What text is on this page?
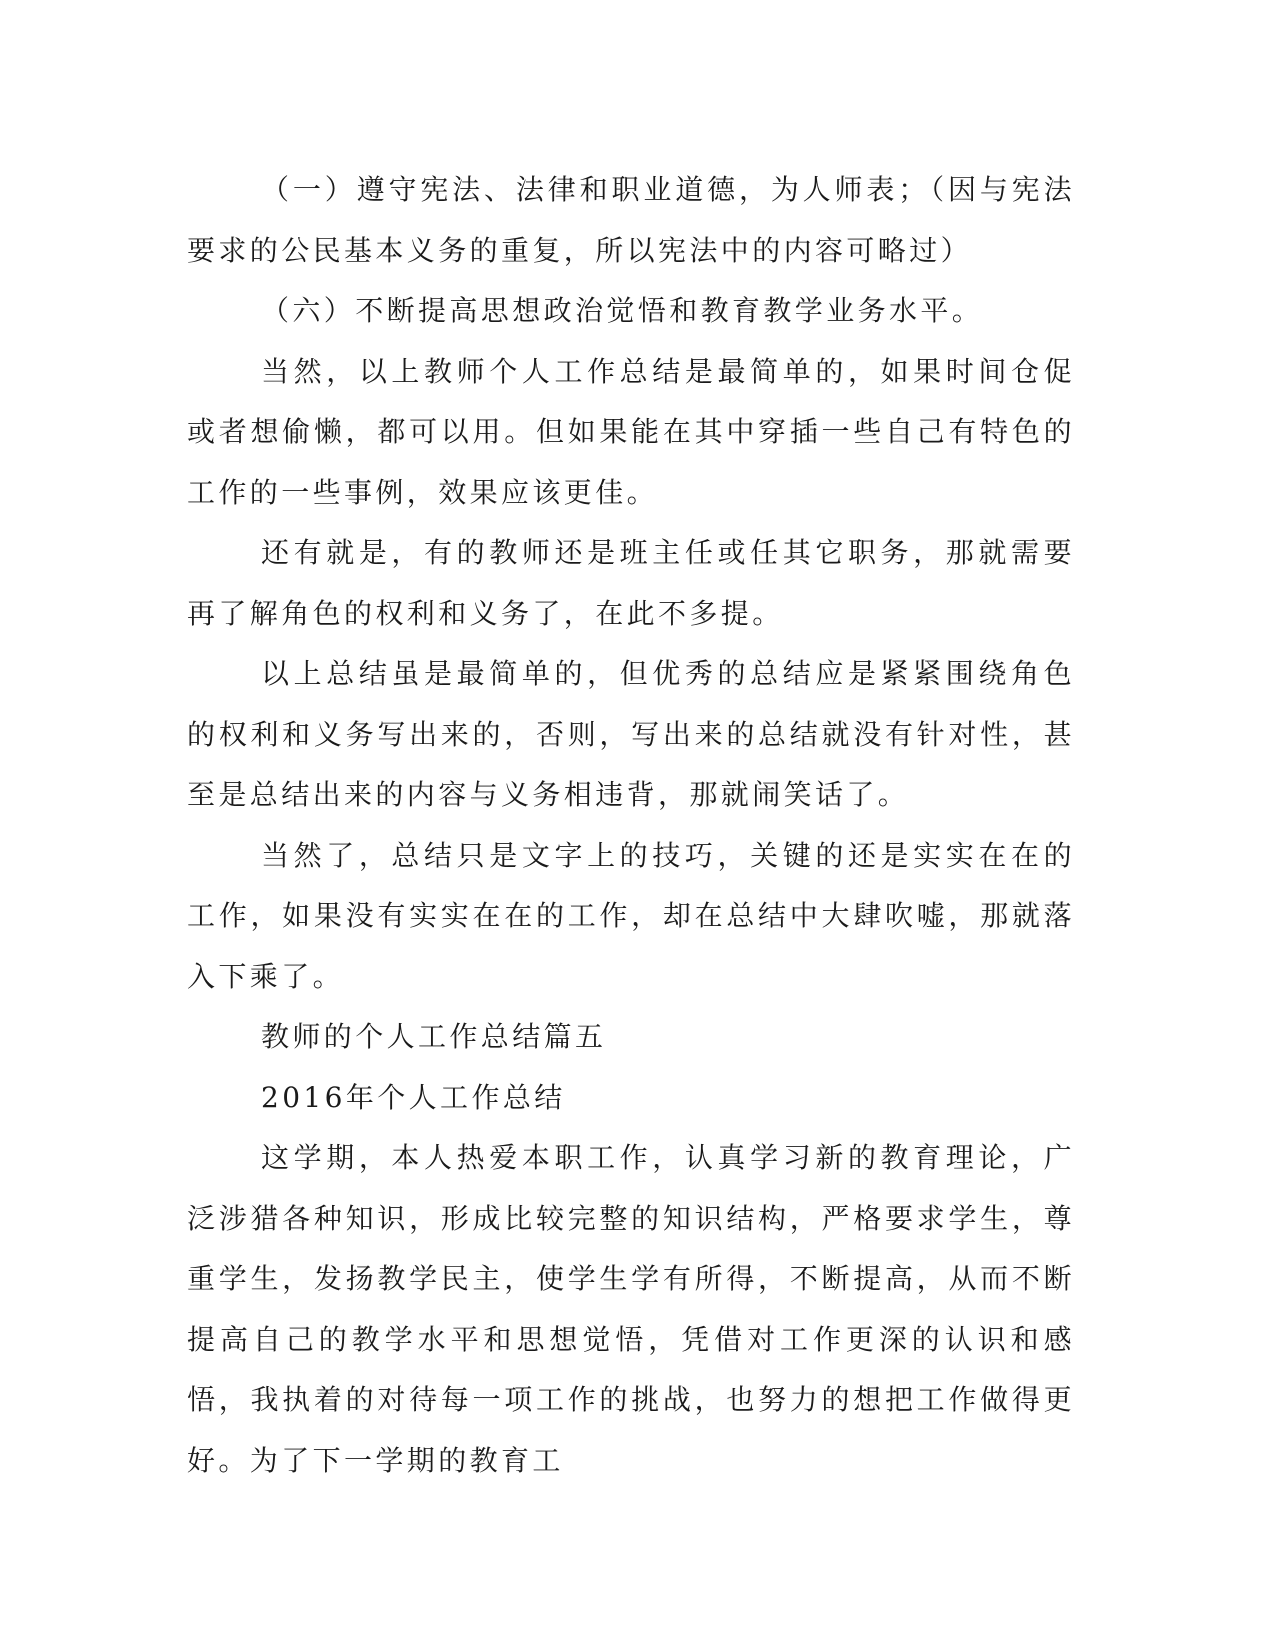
（一）遵守宪法、法律和职业道德，为人师表；（因与宪法要求的公民基本义务的重复，所以宪法中的内容可略过）

（六）不断提高思想政治觉悟和教育教学业务水平。

当然，以上教师个人工作总结是最简单的，如果时间仓促或者想偷懒，都可以用。但如果能在其中穿插一些自己有特色的工作的一些事例，效果应该更佳。

还有就是，有的教师还是班主任或任其它职务，那就需要再了解角色的权利和义务了，在此不多提。

以上总结虽是最简单的，但优秀的总结应是紧紧围绕角色的权利和义务写出来的，否则，写出来的总结就没有针对性，甚至是总结出来的内容与义务相违背，那就闹笑话了。

当然了，总结只是文字上的技巧，关键的还是实实在在的工作，如果没有实实在在的工作，却在总结中大肆吹嘘，那就落入下乘了。

教师的个人工作总结篇五

2016年个人工作总结

这学期，本人热爱本职工作，认真学习新的教育理论，广泛涉猎各种知识，形成比较完整的知识结构，严格要求学生，尊重学生，发扬教学民主，使学生学有所得，不断提高，从而不断提高自己的教学水平和思想觉悟，凭借对工作更深的认识和感悟，我执着的对待每一项工作的挑战，也努力的想把工作做得更好。为了下一学期的教育工
